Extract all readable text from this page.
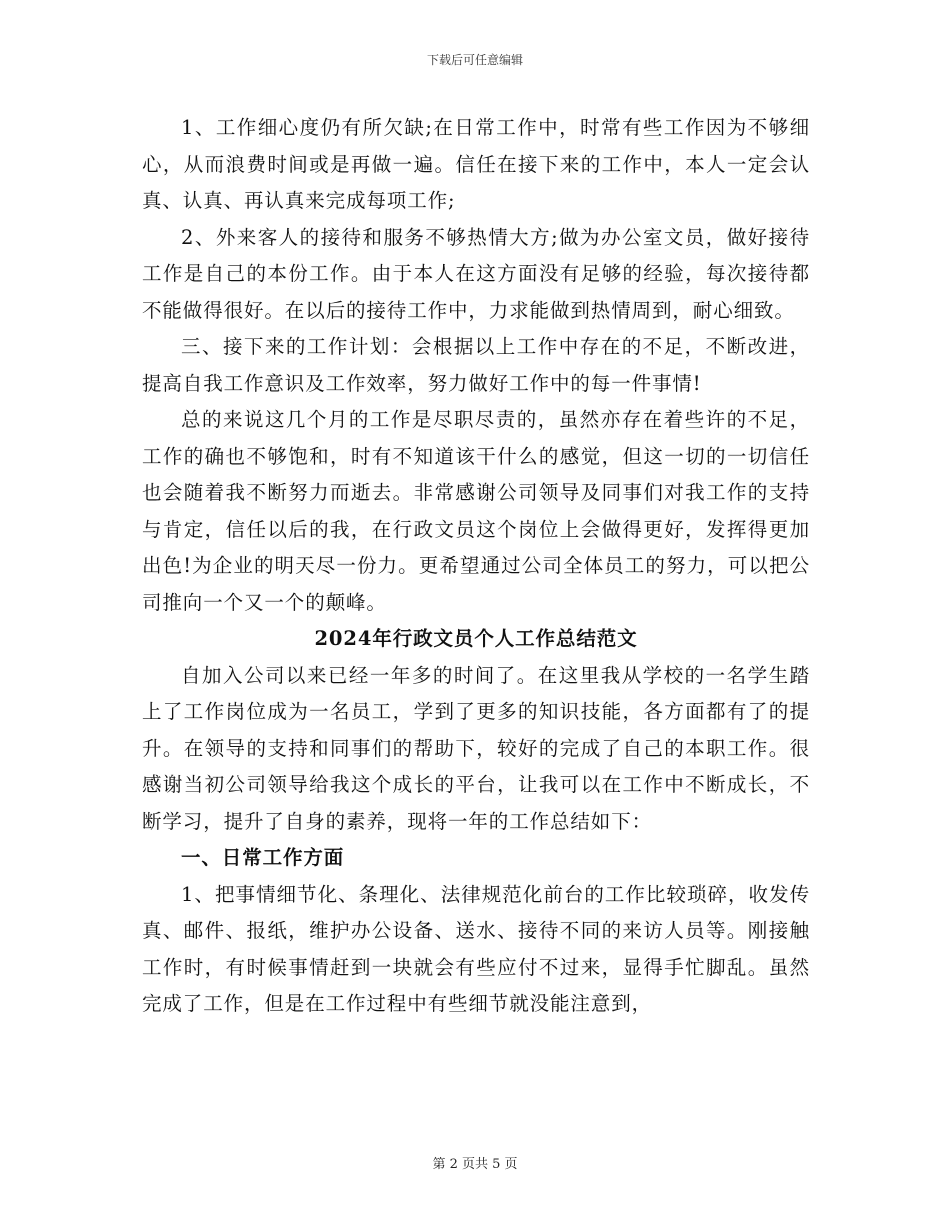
下载后可任意编辑

1、工作细心度仍有所欠缺;在日常工作中，时常有些工作因为不够细心，从而浪费时间或是再做一遍。信任在接下来的工作中，本人一定会认真、认真、再认真来完成每项工作;

2、外来客人的接待和服务不够热情大方;做为办公室文员，做好接待工作是自己的本份工作。由于本人在这方面没有足够的经验，每次接待都不能做得很好。在以后的接待工作中，力求能做到热情周到，耐心细致。

三、接下来的工作计划：会根据以上工作中存在的不足，不断改进，提高自我工作意识及工作效率，努力做好工作中的每一件事情!

总的来说这几个月的工作是尽职尽责的，虽然亦存在着些许的不足，工作的确也不够饱和，时有不知道该干什么的感觉，但这一切的一切信任也会随着我不断努力而逝去。非常感谢公司领导及同事们对我工作的支持与肯定，信任以后的我，在行政文员这个岗位上会做得更好，发挥得更加出色!为企业的明天尽一份力。更希望通过公司全体员工的努力，可以把公司推向一个又一个的颠峰。

2024年行政文员个人工作总结范文

自加入公司以来已经一年多的时间了。在这里我从学校的一名学生踏上了工作岗位成为一名员工，学到了更多的知识技能，各方面都有了的提升。在领导的支持和同事们的帮助下，较好的完成了自己的本职工作。很感谢当初公司领导给我这个成长的平台，让我可以在工作中不断成长，不断学习，提升了自身的素养，现将一年的工作总结如下：

一、日常工作方面

1、把事情细节化、条理化、法律规范化前台的工作比较琐碎，收发传真、邮件、报纸，维护办公设备、送水、接待不同的来访人员等。刚接触工作时，有时候事情赶到一块就会有些应付不过来，显得手忙脚乱。虽然完成了工作，但是在工作过程中有些细节就没能注意到，

第 2 页共 5 页
